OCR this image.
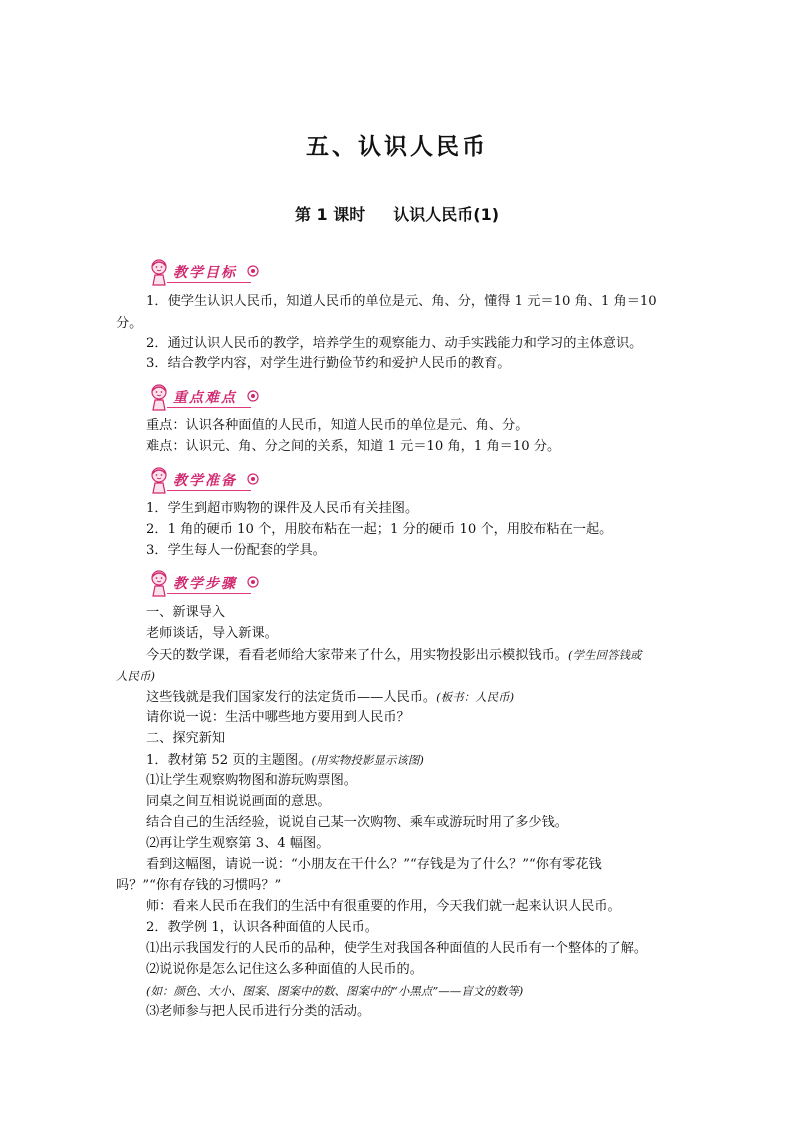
五、认识人民币
第 1 课时 认识人民币(1)
教学目标
1．使学生认识人民币，知道人民币的单位是元、角、分，懂得 1 元＝10 角、1 角＝10
分。
2．通过认识人民币的教学，培养学生的观察能力、动手实践能力和学习的主体意识。
3．结合教学内容，对学生进行勤俭节约和爱护人民币的教育。
重点难点
重点：认识各种面值的人民币，知道人民币的单位是元、角、分。
难点：认识元、角、分之间的关系，知道 1 元＝10 角，1 角＝10 分。
教学准备
1．学生到超市购物的课件及人民币有关挂图。
2．1 角的硬币 10 个，用胶布粘在一起；1 分的硬币 10 个，用胶布粘在一起。
3．学生每人一份配套的学具。
教学步骤
一、新课导入
老师谈话，导入新课。
今天的数学课，看看老师给大家带来了什么，用实物投影出示模拟钱币。(学生回答钱或
人民币)
这些钱就是我们国家发行的法定货币——人民币。(板书：人民币)
请你说一说：生活中哪些地方要用到人民币？
二、探究新知
1．教材第 52 页的主题图。(用实物投影显示该图)
⑴让学生观察购物图和游玩购票图。
同桌之间互相说说画面的意思。
结合自己的生活经验，说说自己某一次购物、乘车或游玩时用了多少钱。
⑵再让学生观察第 3、4 幅图。
看到这幅图，请说一说：“小朋友在干什么？”“存钱是为了什么？”“你有零花钱
吗？”“你有存钱的习惯吗？”
师：看来人民币在我们的生活中有很重要的作用，今天我们就一起来认识人民币。
2．教学例 1，认识各种面值的人民币。
⑴出示我国发行的人民币的品种，使学生对我国各种面值的人民币有一个整体的了解。
⑵说说你是怎么记住这么多种面值的人民币的。
(如：颜色、大小、图案、图案中的数、图案中的“小黑点”——盲文的数等)
⑶老师参与把人民币进行分类的活动。
